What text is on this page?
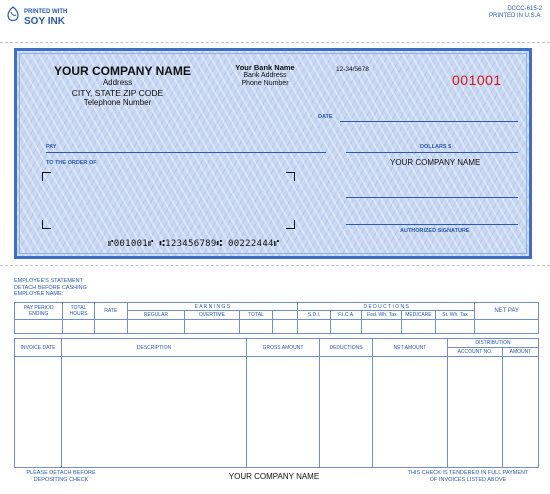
PRINTED WITH
SOY INK
DCCC-615-2
PRINTED IN U.S.A.
YOUR COMPANY NAME
Address
CITY, STATE ZIP CODE
Telephone Number
Your Bank Name
Bank Address
Phone Number
12-34/5678
001001
DATE
PAY	DOLLARS $
TO THE ORDER OF	YOUR COMPANY NAME
AUTHORIZED SIGNATURE
⑈001001⑈ ⑆123456789⑆ 00222444⑈
EMPLOYEE'S STATEMENT
DETACH BEFORE CASHING
EMPLOYEE NAME:
PAY PERIOD ENDING	TOTAL HOURS	RATE	E A R N I N G S				D E D U C T I O N S					NET PAY
			REGULAR	OVERTIME	TOTAL		S.D.I.	F.I.C.A.	Fed. Wh. Tax	MEDICARE	St. Wh. Tax	

INVOICE DATE	DESCRIPTION	GROSS AMOUNT	DEDUCTIONS	NET AMOUNT	DISTRIBUTION	
					ACCOUNT NO.	AMOUNT

PLEASE DETACH BEFORE DEPOSITING CHECK	YOUR COMPANY NAME	THIS CHECK IS TENDERED IN FULL PAYMENT OF INVOICES LISTED ABOVE
